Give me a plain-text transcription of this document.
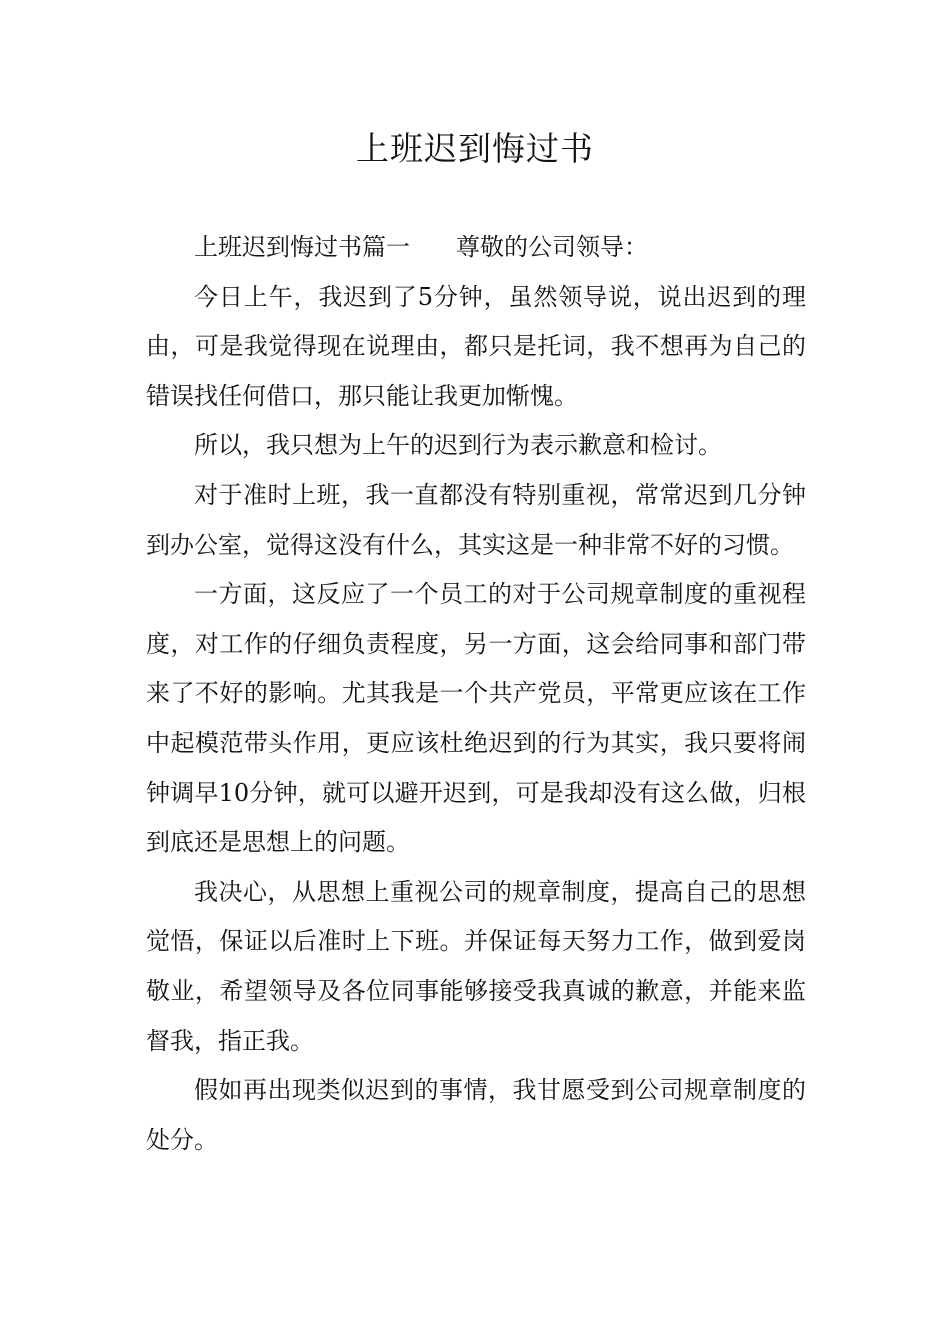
上班迟到悔过书

上班迟到悔过书篇一 尊敬的公司领导：

今日上午，我迟到了5分钟，虽然领导说，说出迟到的理由，可是我觉得现在说理由，都只是托词，我不想再为自己的错误找任何借口，那只能让我更加惭愧。

所以，我只想为上午的迟到行为表示歉意和检讨。

对于准时上班，我一直都没有特别重视，常常迟到几分钟到办公室，觉得这没有什么，其实这是一种非常不好的习惯。

一方面，这反应了一个员工的对于公司规章制度的重视程度，对工作的仔细负责程度，另一方面，这会给同事和部门带来了不好的影响。尤其我是一个共产党员，平常更应该在工作中起模范带头作用，更应该杜绝迟到的行为其实，我只要将闹钟调早10分钟，就可以避开迟到，可是我却没有这么做，归根到底还是思想上的问题。

我决心，从思想上重视公司的规章制度，提高自己的思想觉悟，保证以后准时上下班。并保证每天努力工作，做到爱岗敬业，希望领导及各位同事能够接受我真诚的歉意，并能来监督我，指正我。

假如再出现类似迟到的事情，我甘愿受到公司规章制度的处分。
